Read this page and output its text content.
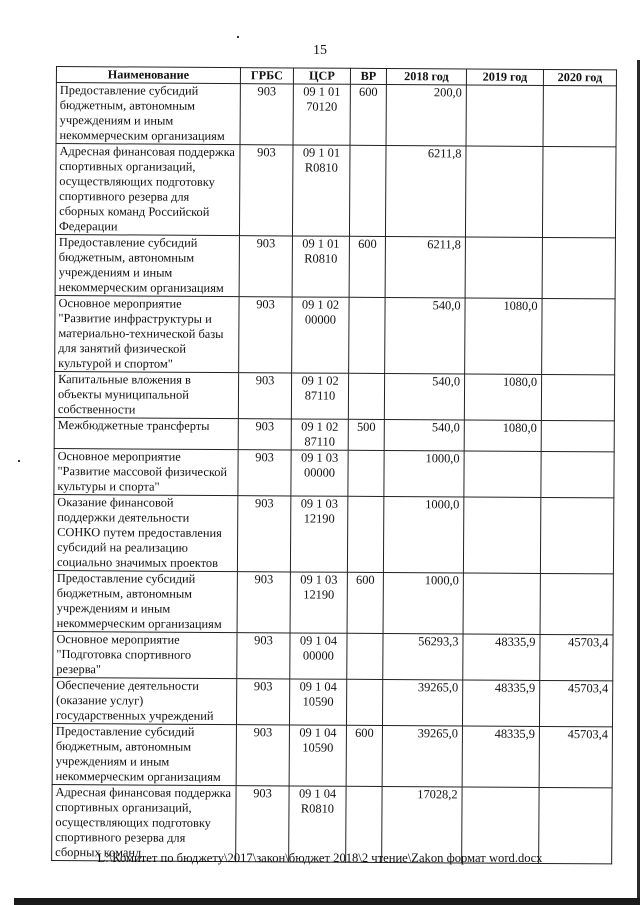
15
Наименование	ГРБС	ЦСР	ВР	2018 год	2019 год	2020 год
Предоставление субсидий бюджетным, автономным учреждениям и иным некоммерческим организациям	903	09 1 01 70120	600	200,0		
Адресная финансовая поддержка спортивных организаций, осуществляющих подготовку спортивного резерва для сборных команд Российской Федерации	903	09 1 01 R0810		6211,8		
Предоставление субсидий бюджетным, автономным учреждениям и иным некоммерческим организациям	903	09 1 01 R0810	600	6211,8		
Основное мероприятие "Развитие инфраструктуры и материально-технической базы для занятий физической культурой и спортом"	903	09 1 02 00000		540,0	1080,0	
Капитальные вложения в объекты муниципальной собственности	903	09 1 02 87110		540,0	1080,0	
Межбюджетные трансферты	903	09 1 02 87110	500	540,0	1080,0	
Основное мероприятие "Развитие массовой физической культуры и спорта"	903	09 1 03 00000		1000,0		
Оказание финансовой поддержки деятельности СОНКО путем предоставления субсидий на реализацию социально значимых проектов	903	09 1 03 12190		1000,0		
Предоставление субсидий бюджетным, автономным учреждениям и иным некоммерческим организациям	903	09 1 03 12190	600	1000,0		
Основное мероприятие "Подготовка спортивного резерва"	903	09 1 04 00000		56293,3	48335,9	45703,4
Обеспечение деятельности (оказание услуг) государственных учреждений	903	09 1 04 10590		39265,0	48335,9	45703,4
Предоставление субсидий бюджетным, автономным учреждениям и иным некоммерческим организациям	903	09 1 04 10590	600	39265,0	48335,9	45703,4
Адресная финансовая поддержка спортивных организаций, осуществляющих подготовку спортивного резерва для сборных команд	903	09 1 04 R0810		17028,2		
L:\Комитет по бюджету\2017\закон\бюджет 2018\2 чтение\Zakon формат word.docx
